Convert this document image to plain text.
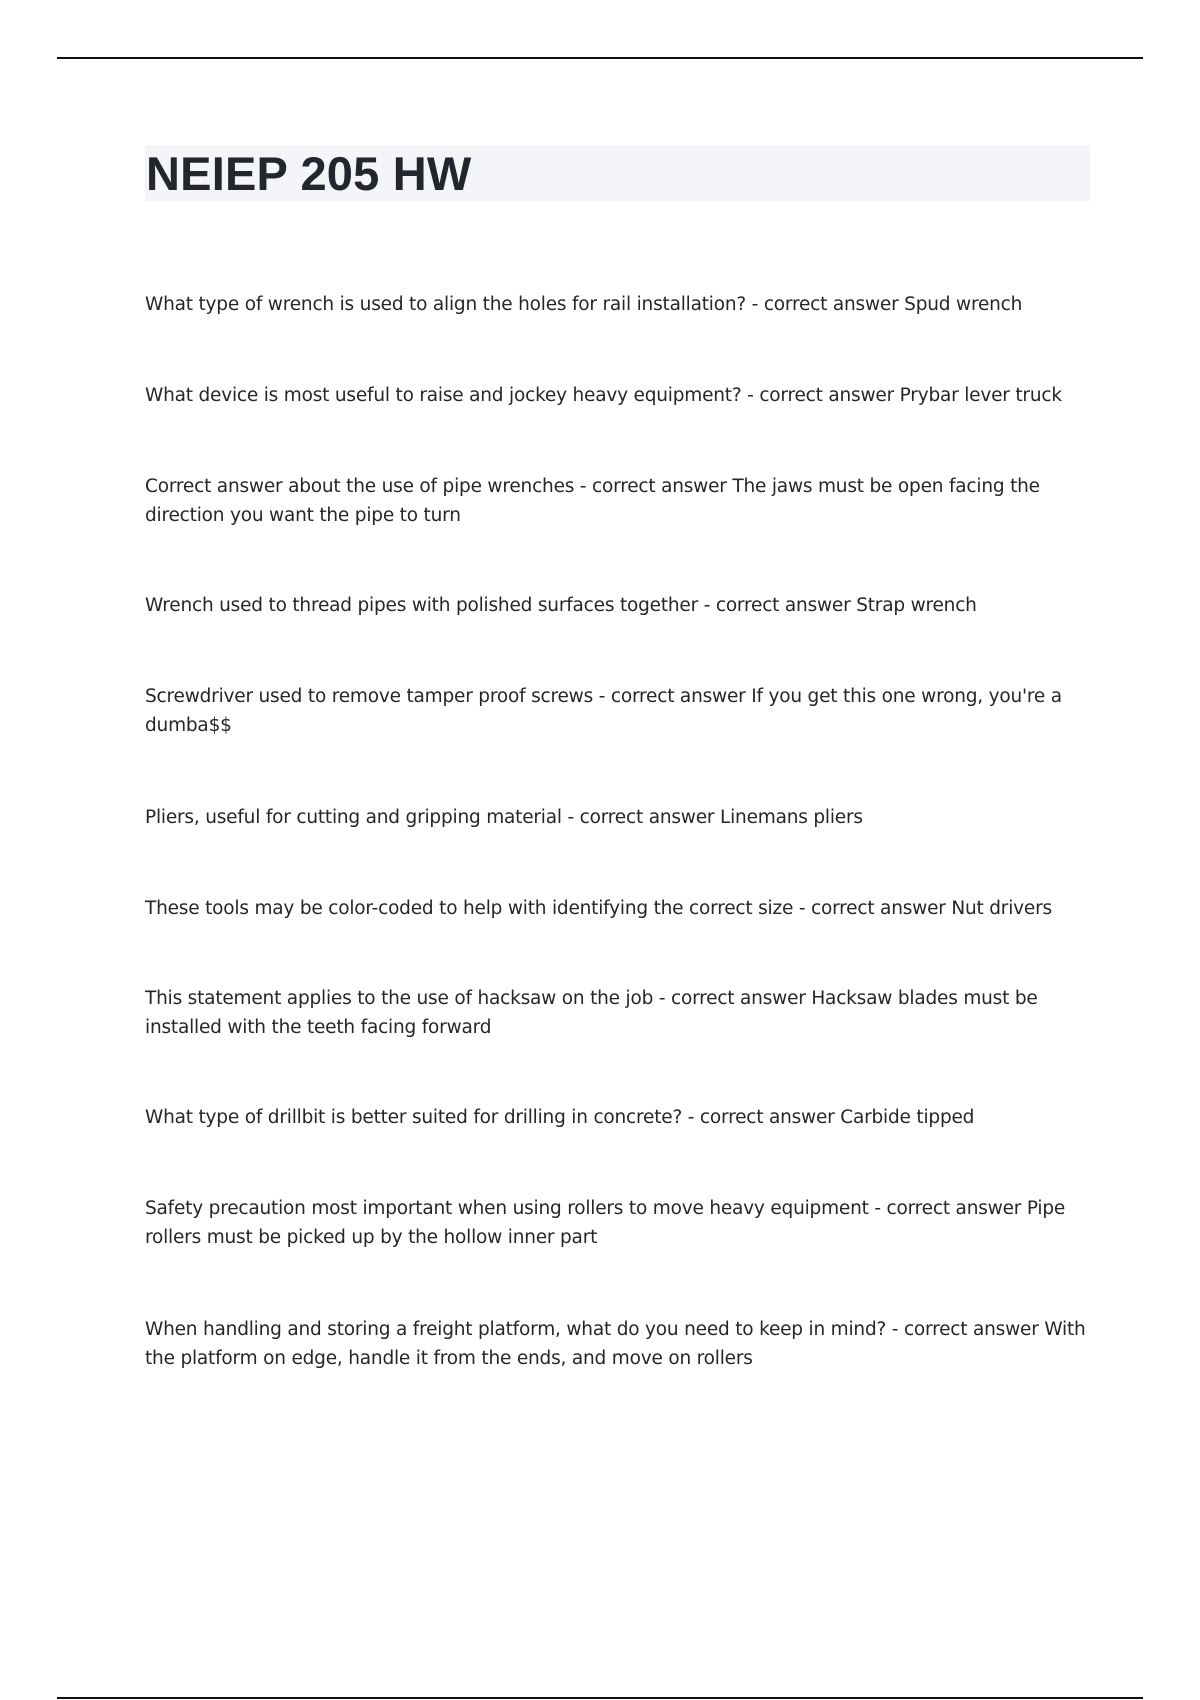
NEIEP 205 HW
What type of wrench is used to align the holes for rail installation? - correct answer Spud wrench
What device is most useful to raise and jockey heavy equipment? - correct answer Prybar lever truck
Correct answer about the use of pipe wrenches - correct answer The jaws must be open facing the direction you want the pipe to turn
Wrench used to thread pipes with polished surfaces together - correct answer Strap wrench
Screwdriver used to remove tamper proof screws - correct answer If you get this one wrong, you're a dumba$$
Pliers, useful for cutting and gripping material - correct answer Linemans pliers
These tools may be color-coded to help with identifying the correct size - correct answer Nut drivers
This statement applies to the use of hacksaw on the job - correct answer Hacksaw blades must be installed with the teeth facing forward
What type of drillbit is better suited for drilling in concrete? - correct answer Carbide tipped
Safety precaution most important when using rollers to move heavy equipment - correct answer Pipe rollers must be picked up by the hollow inner part
When handling and storing a freight platform, what do you need to keep in mind? - correct answer With the platform on edge, handle it from the ends, and move on rollers
